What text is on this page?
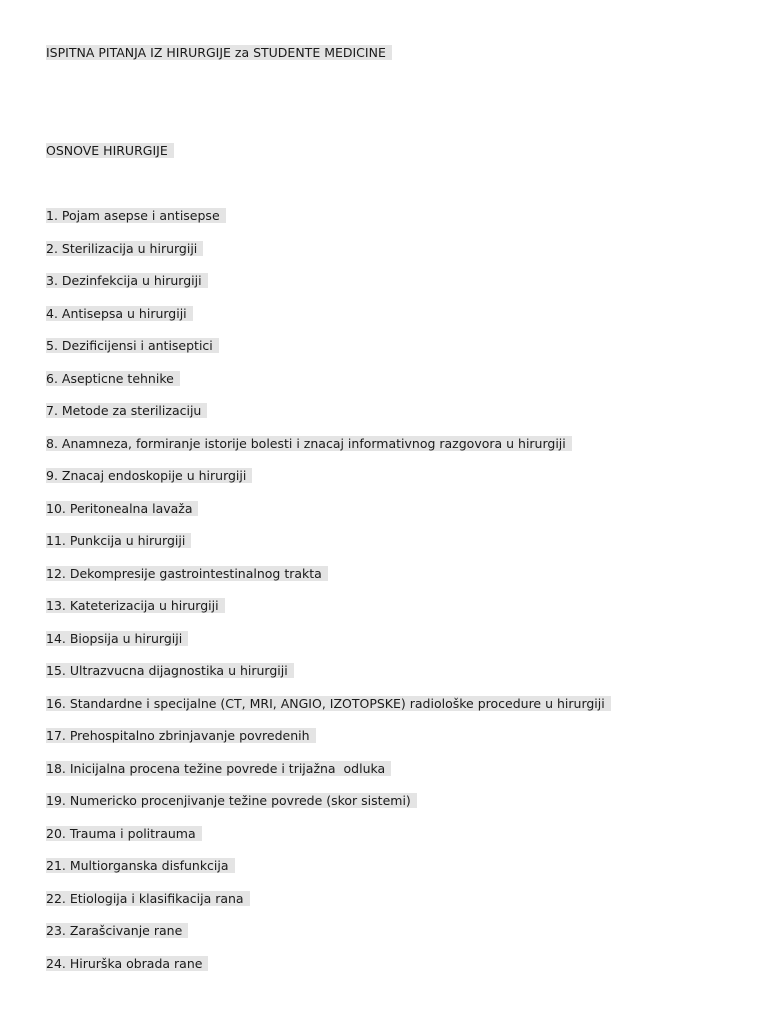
ISPITNA PITANJA IZ HIRURGIJE za STUDENTE MEDICINE
OSNOVE HIRURGIJE
1. Pojam asepse i antisepse
2. Sterilizacija u hirurgiji
3. Dezinfekcija u hirurgiji
4. Antisepsa u hirurgiji
5. Dezificijensi i antiseptici
6. Asepticne tehnike
7. Metode za sterilizaciju
8. Anamneza, formiranje istorije bolesti i znacaj informativnog razgovora u hirurgiji
9. Znacaj endoskopije u hirurgiji
10. Peritonealna lavaža
11. Punkcija u hirurgiji
12. Dekompresije gastrointestinalnog trakta
13. Kateterizacija u hirurgiji
14. Biopsija u hirurgiji
15. Ultrazvucna dijagnostika u hirurgiji
16. Standardne i specijalne (CT, MRI, ANGIO, IZOTOPSKE) radiološke procedure u hirurgiji
17. Prehospitalno zbrinjavanje povredenih
18. Inicijalna procena težine povrede i trijažna  odluka
19. Numericko procenjivanje težine povrede (skor sistemi)
20. Trauma i politrauma
21. Multiorganska disfunkcija
22. Etiologija i klasifikacija rana
23. Zarašcivanje rane
24. Hirurška obrada rane
